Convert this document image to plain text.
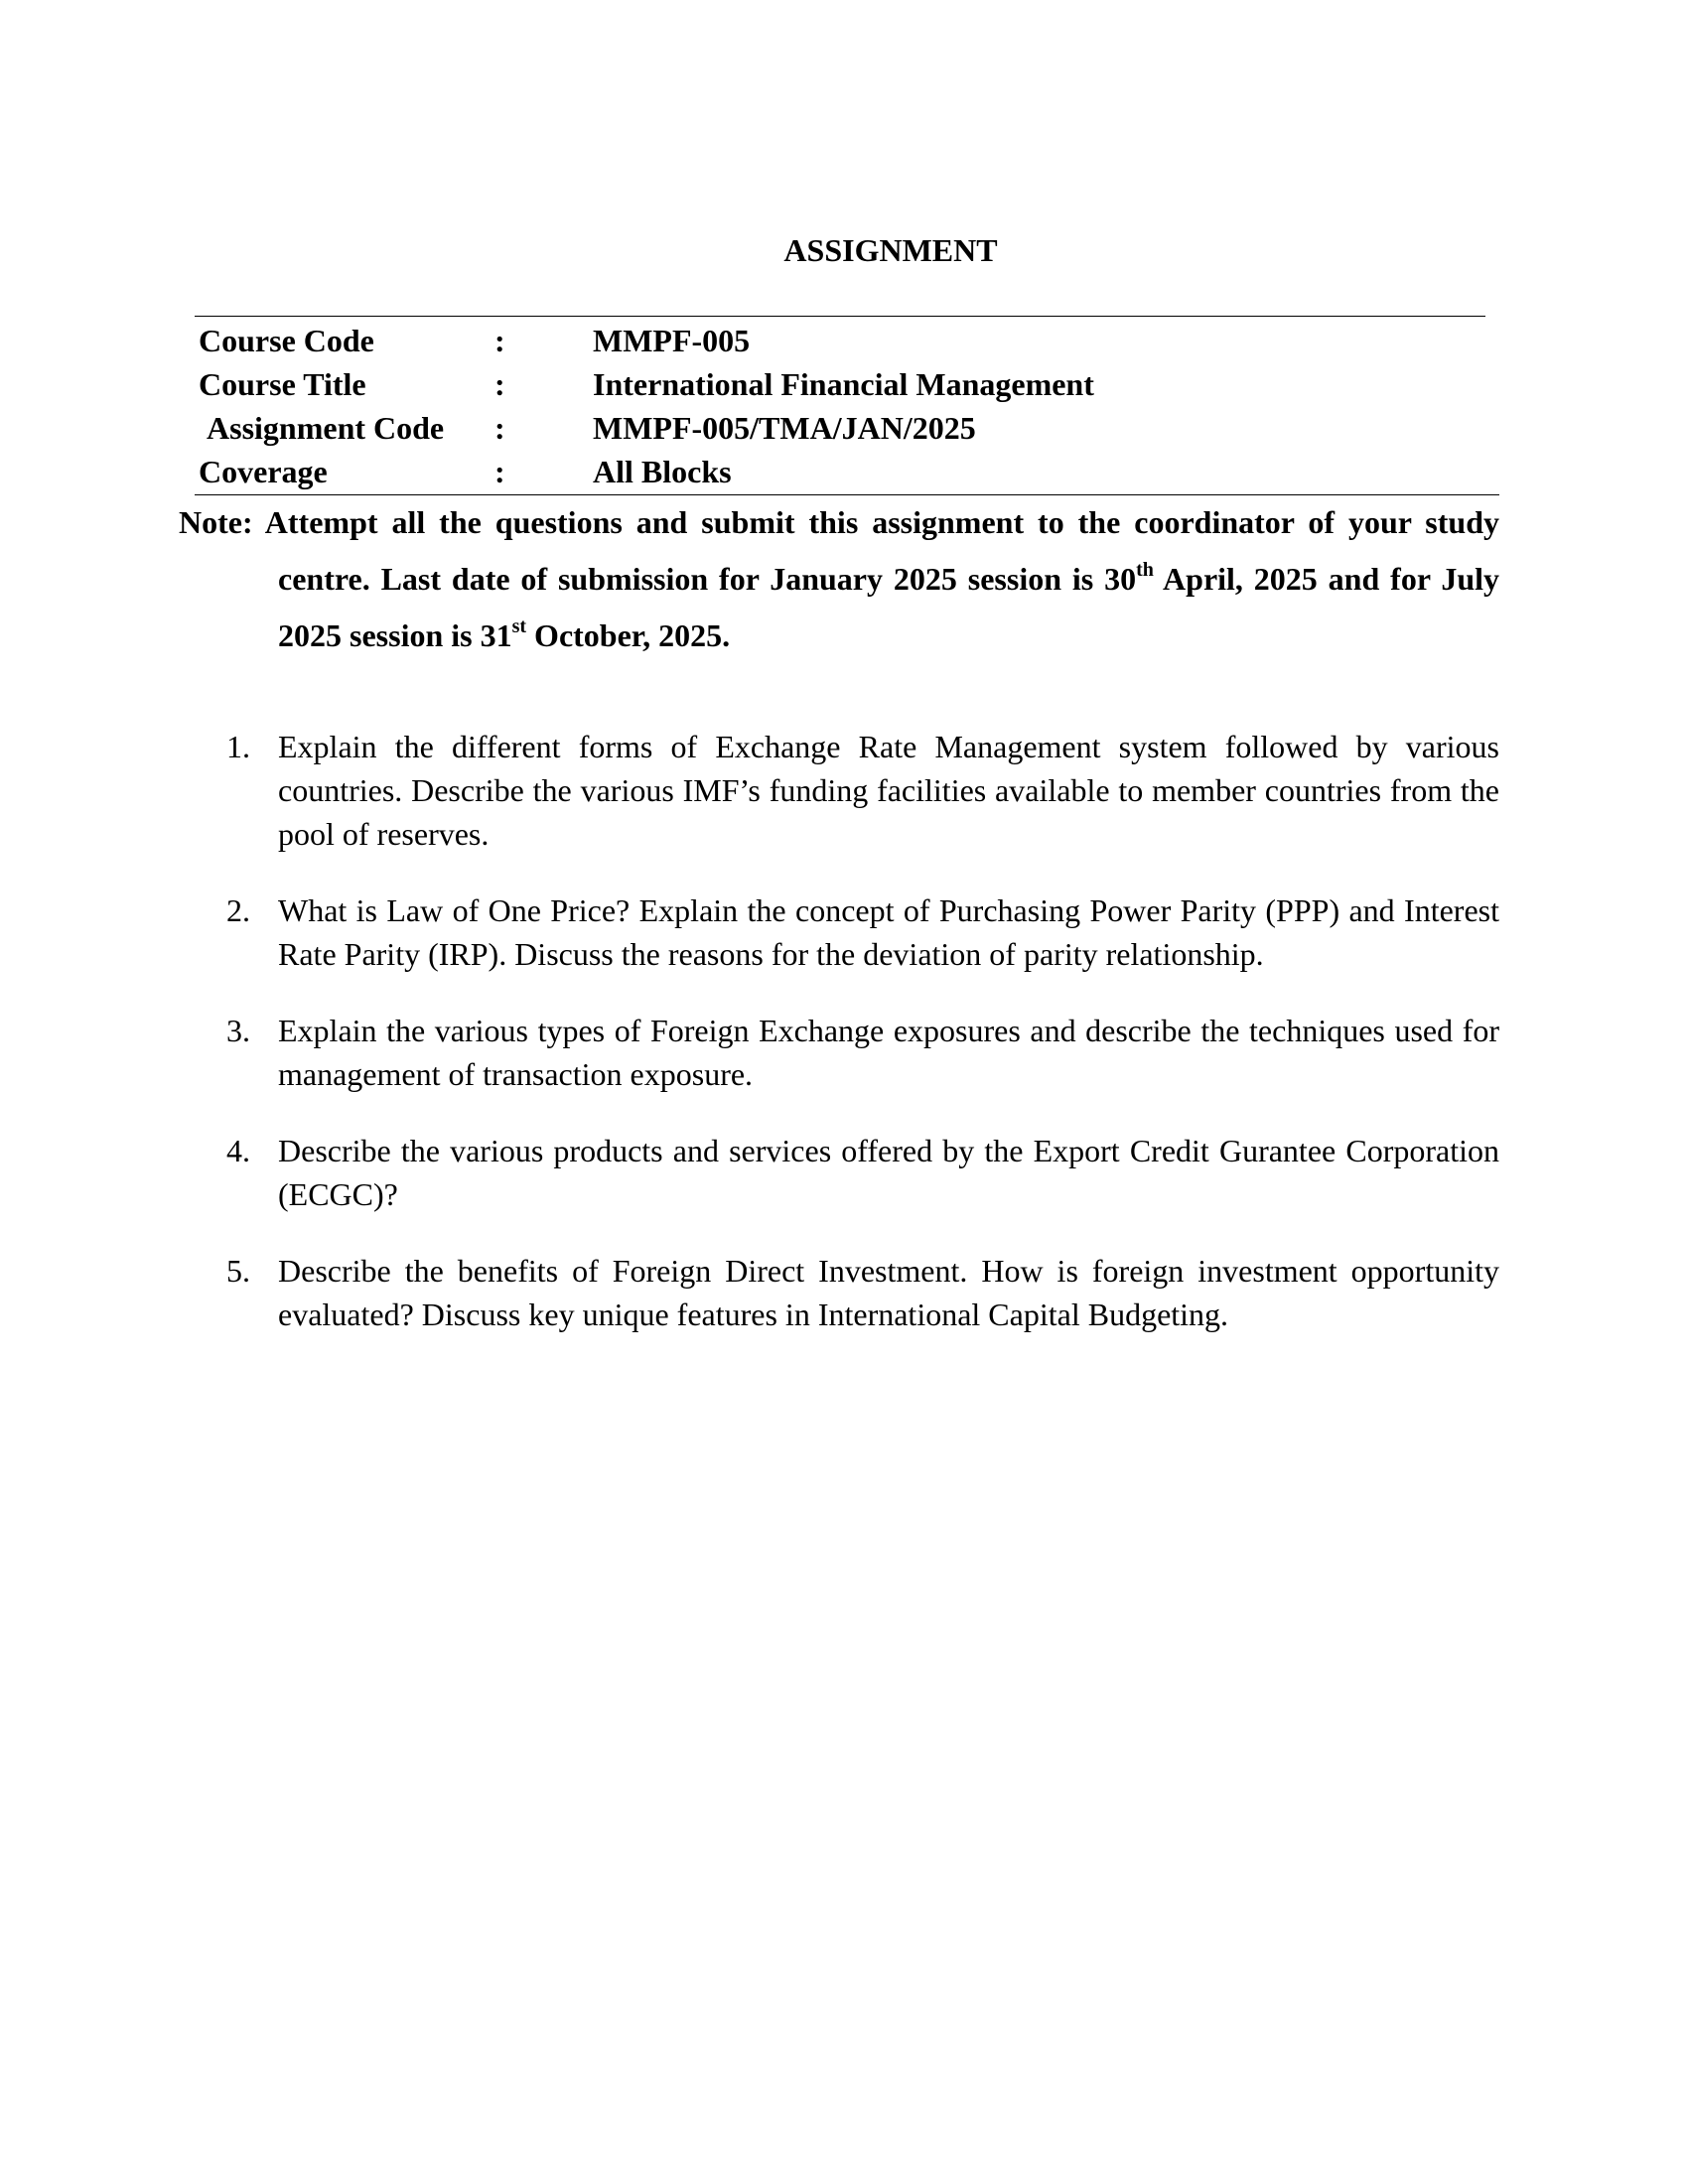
ASSIGNMENT
Course Code	:	MMPF-005
Course Title	:	International Financial Management
Assignment Code :	MMPF-005/TMA/JAN/2025
Coverage	:	All Blocks

Note: Attempt all the questions and submit this assignment to the coordinator of your study centre. Last date of submission for January 2025 session is 30th April, 2025 and for July 2025 session is 31st October, 2025.

1. Explain the different forms of Exchange Rate Management system followed by various countries. Describe the various IMF’s funding facilities available to member countries from the pool of reserves.
2. What is Law of One Price? Explain the concept of Purchasing Power Parity (PPP) and Interest Rate Parity (IRP). Discuss the reasons for the deviation of parity relationship.
3. Explain the various types of Foreign Exchange exposures and describe the techniques used for management of transaction exposure.
4. Describe the various products and services offered by the Export Credit Gurantee Corporation (ECGC)?
5. Describe the benefits of Foreign Direct Investment. How is foreign investment opportunity evaluated? Discuss key unique features in International Capital Budgeting.
